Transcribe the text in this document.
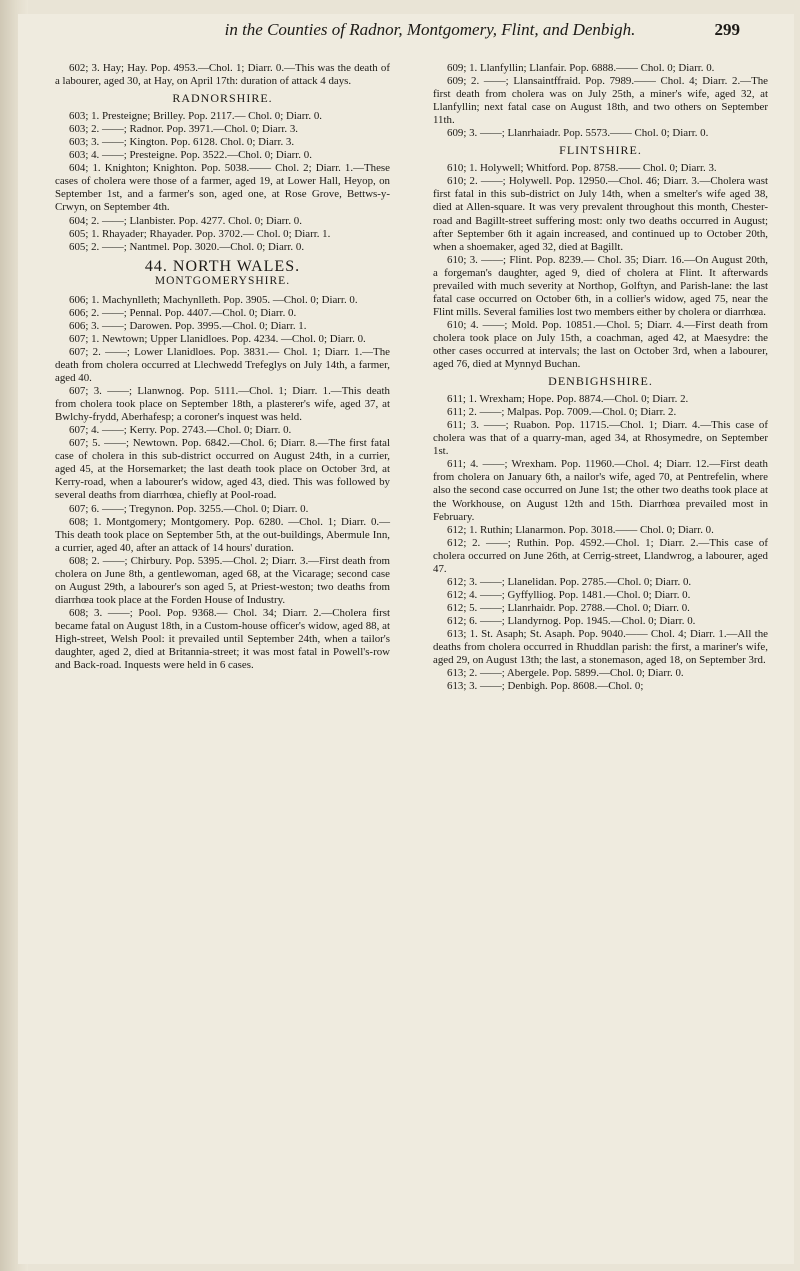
in the Counties of Radnor, Montgomery, Flint, and Denbigh.	299

602; 3. Hay; Hay. Pop. 4953.—Chol. 1; Diarr. 0.—This was the death of a labourer, aged 30, at Hay, on April 17th: duration of attack 4 days.

RADNORSHIRE.

603; 1. Presteigne; Brilley. Pop. 2117.— Chol. 0; Diarr. 0.

603; 2. ——; Radnor. Pop. 3971.—Chol. 0; Diarr. 3.

603; 3. ——; Kington. Pop. 6128. Chol. 0; Diarr. 3.

603; 4. ——; Presteigne. Pop. 3522.—Chol. 0; Diarr. 0.

604; 1. Knighton; Knighton. Pop. 5038.—— Chol. 2; Diarr. 1.—These cases of cholera were those of a farmer, aged 19, at Lower Hall, Heyop, on September 1st, and a farmer's son, aged one, at Rose Grove, Bettws-y-Crwyn, on September 4th.

604; 2. ——; Llanbister. Pop. 4277. Chol. 0; Diarr. 0.

605; 1. Rhayader; Rhayader. Pop. 3702.— Chol. 0; Diarr. 1.

605; 2. ——; Nantmel. Pop. 3020.—Chol. 0; Diarr. 0.

44. NORTH WALES.
MONTGOMERYSHIRE.

606; 1. Machynlleth; Machynlleth. Pop. 3905. —Chol. 0; Diarr. 0.

606; 2. ——; Pennal. Pop. 4407.—Chol. 0; Diarr. 0.

606; 3. ——; Darowen. Pop. 3995.—Chol. 0; Diarr. 1.

607; 1. Newtown; Upper Llanidloes. Pop. 4234. —Chol. 0; Diarr. 0.

607; 2. ——; Lower Llanidloes. Pop. 3831.— Chol. 1; Diarr. 1.—The death from cholera occurred at Llechwedd Trefeglys on July 14th, a farmer, aged 40.

607; 3. ——; Llanwnog. Pop. 5111.—Chol. 1; Diarr. 1.—This death from cholera took place on September 18th, a plasterer's wife, aged 37, at Bwlchy-frydd, Aberhafesp; a coroner's inquest was held.

607; 4. ——; Kerry. Pop. 2743.—Chol. 0; Diarr. 0.

607; 5. ——; Newtown. Pop. 6842.—Chol. 6; Diarr. 8.—The first fatal case of cholera in this sub-district occurred on August 24th, in a currier, aged 45, at the Horsemarket; the last death took place on October 3rd, at Kerry-road, when a labourer's widow, aged 43, died. This was followed by several deaths from diarrhœa, chiefly at Pool-road.

607; 6. ——; Tregynon. Pop. 3255.—Chol. 0; Diarr. 0.

608; 1. Montgomery; Montgomery. Pop. 6280. —Chol. 1; Diarr. 0.—This death took place on September 5th, at the out-buildings, Abermule Inn, a currier, aged 40, after an attack of 14 hours' duration.

608; 2. ——; Chirbury. Pop. 5395.—Chol. 2; Diarr. 3.—First death from cholera on June 8th, a gentlewoman, aged 68, at the Vicarage; second case on August 29th, a labourer's son aged 5, at Priest-weston; two deaths from diarrhœa took place at the Forden House of Industry.

608; 3. ——; Pool. Pop. 9368.— Chol. 34; Diarr. 2.—Cholera first became fatal on August 18th, in a Custom-house officer's widow, aged 88, at High-street, Welsh Pool: it prevailed until September 24th, when a tailor's daughter, aged 2, died at Britannia-street; it was most fatal in Powell's-row and Back-road. Inquests were held in 6 cases.

609; 1. Llanfyllin; Llanfair. Pop. 6888.—— Chol. 0; Diarr. 0.

609; 2. ——; Llansaintffraid. Pop. 7989.—— Chol. 4; Diarr. 2.—The first death from cholera was on July 25th, a miner's wife, aged 32, at Llanfyllin; next fatal case on August 18th, and two others on September 11th.

609; 3. ——; Llanrhaiadr. Pop. 5573.—— Chol. 0; Diarr. 0.

FLINTSHIRE.

610; 1. Holywell; Whitford. Pop. 8758.—— Chol. 0; Diarr. 3.

610; 2. ——; Holywell. Pop. 12950.—Chol. 46; Diarr. 3.—Cholera wast first fatal in this sub-district on July 14th, when a smelter's wife aged 38, died at Allen-square. It was very prevalent throughout this month, Chester-road and Bagillt-street suffering most: only two deaths occurred in August; after September 6th it again increased, and continued up to October 20th, when a shoemaker, aged 32, died at Bagillt.

610; 3. ——; Flint. Pop. 8239.— Chol. 35; Diarr. 16.—On August 20th, a forgeman's daughter, aged 9, died of cholera at Flint. It afterwards prevailed with much severity at Northop, Golftyn, and Parish-lane: the last fatal case occurred on October 6th, in a collier's widow, aged 75, near the Flint mills. Several families lost two members either by cholera or diarrhœa.

610; 4. ——; Mold. Pop. 10851.—Chol. 5; Diarr. 4.—First death from cholera took place on July 15th, a coachman, aged 42, at Maesydre: the other cases occurred at intervals; the last on October 3rd, when a labourer, aged 76, died at Mynnyd Buchan.

DENBIGHSHIRE.

611; 1. Wrexham; Hope. Pop. 8874.—Chol. 0; Diarr. 2.

611; 2. ——; Malpas. Pop. 7009.—Chol. 0; Diarr. 2.

611; 3. ——; Ruabon. Pop. 11715.—Chol. 1; Diarr. 4.—This case of cholera was that of a quarry-man, aged 34, at Rhosymedre, on September 1st.

611; 4. ——; Wrexham. Pop. 11960.—Chol. 4; Diarr. 12.—First death from cholera on January 6th, a nailor's wife, aged 70, at Pentrefelin, where also the second case occurred on June 1st; the other two deaths took place at the Workhouse, on August 12th and 15th. Diarrhœa prevailed most in February.

612; 1. Ruthin; Llanarmon. Pop. 3018.—— Chol. 0; Diarr. 0.

612; 2. ——; Ruthin. Pop. 4592.—Chol. 1; Diarr. 2.—This case of cholera occurred on June 26th, at Cerrig-street, Llandwrog, a labourer, aged 47.

612; 3. ——; Llanelidan. Pop. 2785.—Chol. 0; Diarr. 0.

612; 4. ——; Gyffylliog. Pop. 1481.—Chol. 0; Diarr. 0.

612; 5. ——; Llanrhaidr. Pop. 2788.—Chol. 0; Diarr. 0.

612; 6. ——; Llandyrnog. Pop. 1945.—Chol. 0; Diarr. 0.

613; 1. St. Asaph; St. Asaph. Pop. 9040.—— Chol. 4; Diarr. 1.—All the deaths from cholera occurred in Rhuddlan parish: the first, a mariner's wife, aged 29, on August 13th; the last, a stonemason, aged 18, on September 3rd.

613; 2. ——; Abergele. Pop. 5899.—Chol. 0; Diarr. 0.

613; 3. ——; Denbigh. Pop. 8608.—Chol. 0;
